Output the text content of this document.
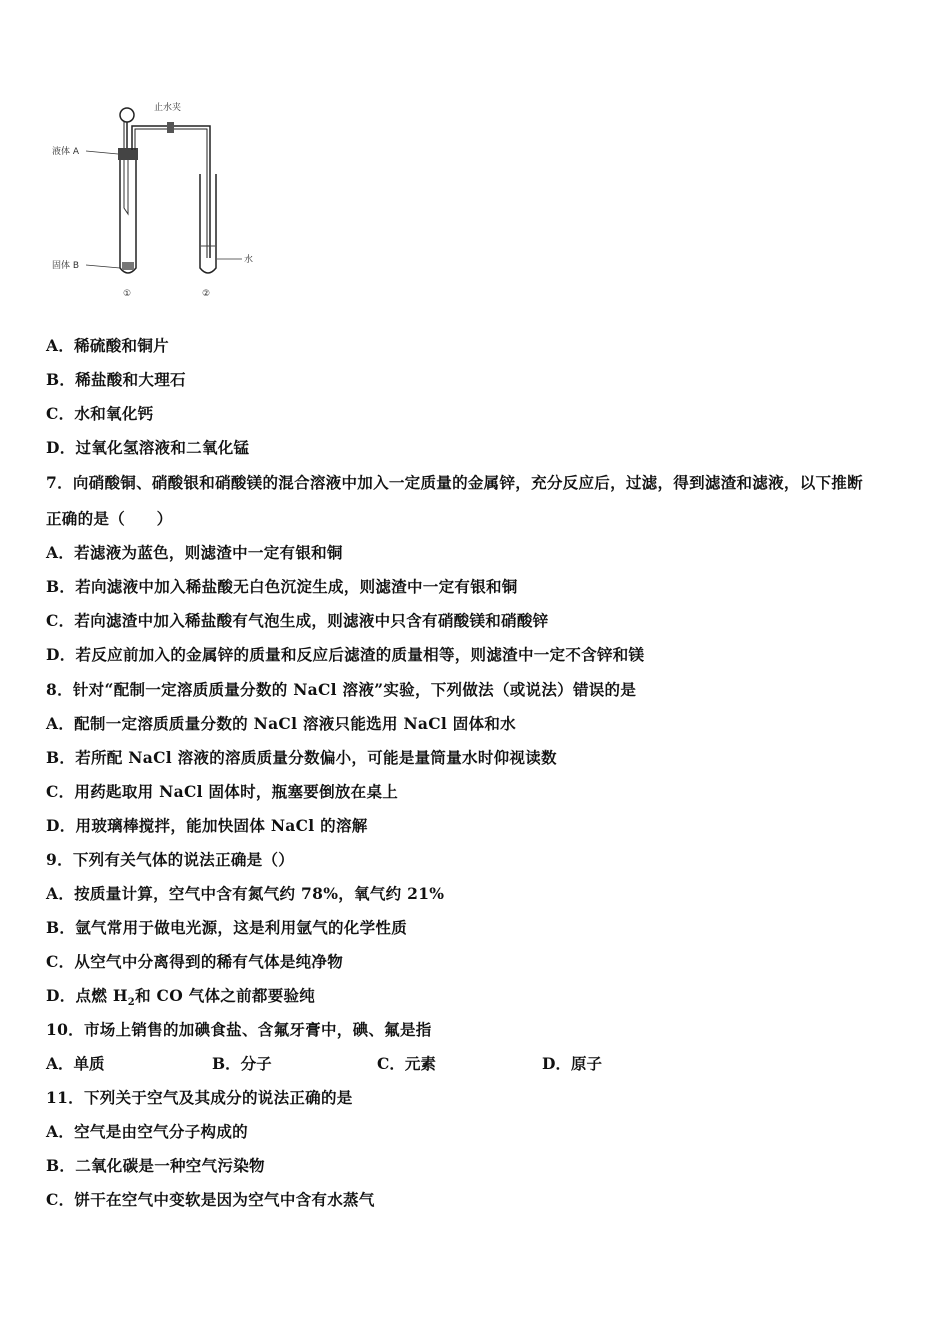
止水夹
液体 A
固体 B
水
①	②
A．稀硫酸和铜片
B．稀盐酸和大理石
C．水和氧化钙
D．过氧化氢溶液和二氧化锰
7．向硝酸铜、硝酸银和硝酸镁的混合溶液中加入一定质量的金属锌，充分反应后，过滤，得到滤渣和滤液，以下推断
正确的是（　　）
A．若滤液为蓝色，则滤渣中一定有银和铜
B．若向滤液中加入稀盐酸无白色沉淀生成，则滤渣中一定有银和铜
C．若向滤渣中加入稀盐酸有气泡生成，则滤液中只含有硝酸镁和硝酸锌
D．若反应前加入的金属锌的质量和反应后滤渣的质量相等，则滤渣中一定不含锌和镁
8．针对“配制一定溶质质量分数的 NaCl 溶液”实验，下列做法（或说法）错误的是
A．配制一定溶质质量分数的 NaCl 溶液只能选用 NaCl 固体和水
B．若所配 NaCl 溶液的溶质质量分数偏小，可能是量筒量水时仰视读数
C．用药匙取用 NaCl 固体时，瓶塞要倒放在桌上
D．用玻璃棒搅拌，能加快固体 NaCl 的溶解
9．下列有关气体的说法正确是（）
A．按质量计算，空气中含有氮气约 78%，氧气约 21%
B．氩气常用于做电光源，这是利用氩气的化学性质
C．从空气中分离得到的稀有气体是纯净物
D．点燃 $H_2$和 CO 气体之前都要验纯
10．市场上销售的加碘食盐、含氟牙膏中，碘、氟是指
A．单质	B．分子	C．元素	D．原子
11．下列关于空气及其成分的说法正确的是
A．空气是由空气分子构成的
B．二氧化碳是一种空气污染物
C．饼干在空气中变软是因为空气中含有水蒸气
